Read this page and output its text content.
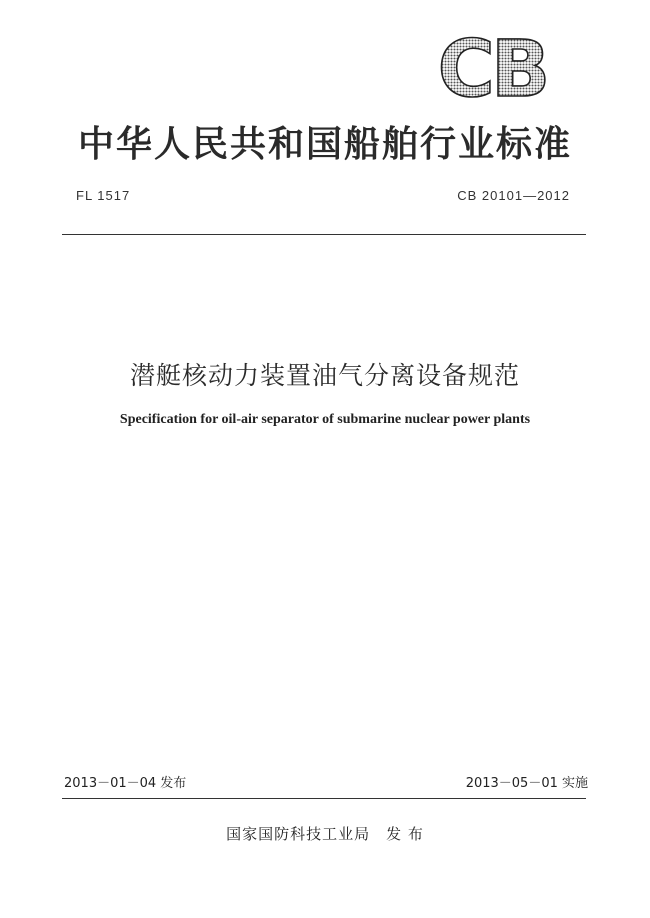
CB
中华人民共和国船舶行业标准
FL 1517	CB 20101—2012
潜艇核动力装置油气分离设备规范
Specification for oil-air separator of submarine nuclear power plants
2013－01－04 发布	2013－05－01 实施
国家国防科技工业局　发 布
